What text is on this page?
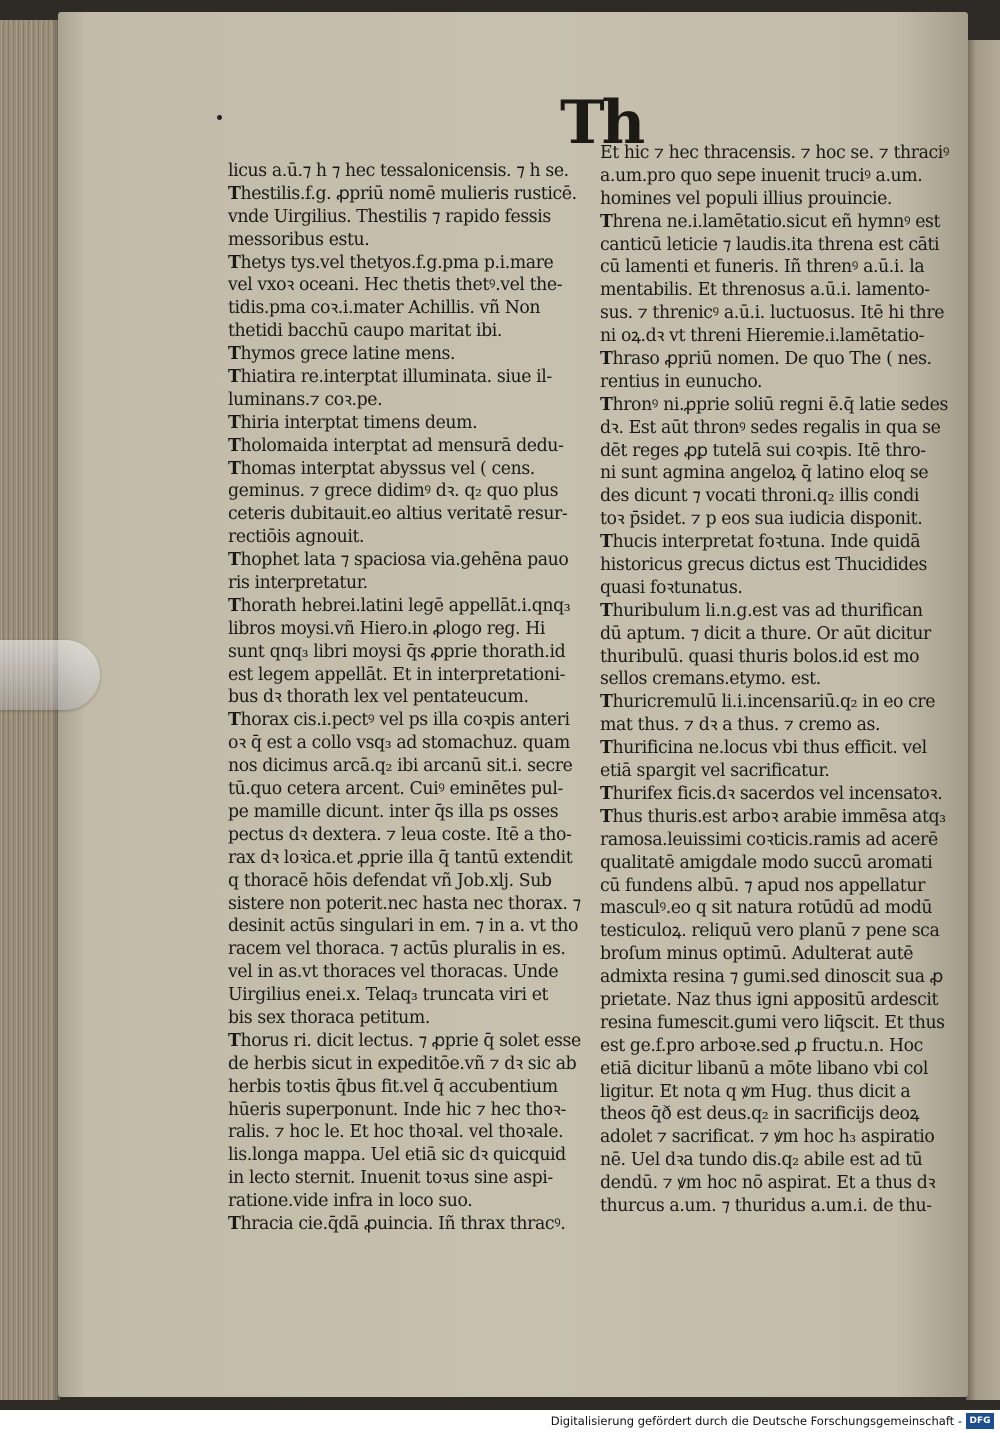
Th
licus a.ū.⁊ h ⁊ hec tessalonicensis. ⁊ h se.
Thestilis.f.g. ꝓpriū nomē mulieris rusticē.
vnde Uirgilius. Thestilis ⁊ rapido fessis
messoribus estu.
Thetys tys.vel thetyos.f.g.pma p.i.mare
vel vxoꝛ oceani. Hec thetis thetꝰ.vel the-
tidis.pma coꝛ.i.mater Achillis. vñ Non
thetidi bacchū caupo maritat ibi.
Thymos grece latine mens.
Thiatira re.interptat illuminata. siue il-
luminans.⁊ coꝛ.pe.
Thiria interptat timens deum.
Tholomaida interptat ad mensurā dedu-
Thomas interptat abyssus vel ( cens.
geminus. ⁊ grece didimꝰ dꝛ. q₂ quo plus
ceteris dubitauit.eo altius veritatē resur-
rectiōis agnouit.
Thophet lata ⁊ spaciosa via.gehēna pauo
ris interpretatur.
Thorath hebrei.latini legē appellāt.i.qnq₃
libros moysi.vñ Hiero.in ꝓlogo reg. Hi
sunt qnq₃ libri moysi q̄s ꝓprie thorath.id
est legem appellāt. Et in interpretationi-
bus dꝛ thorath lex vel pentateucum.
Thorax cis.i.pectꝰ vel ps illa coꝛpis anteri
oꝛ q̄ est a collo vsq₃ ad stomachuz. quam
nos dicimus arcā.q₂ ibi arcanū sit.i. secre
tū.quo cetera arcent. Cuiꝰ eminētes pul-
pe mamille dicunt. inter q̄s illa ps osses
pectus dꝛ dextera. ⁊ leua coste. Itē a tho-
rax dꝛ loꝛica.et ꝓprie illa q̄ tantū extendit
q thoracē hōis defendat vñ Job.xlj. Sub
sistere non poterit.nec hasta nec thorax. ⁊
desinit actūs singulari in em. ⁊ in a. vt tho
racem vel thoraca. ⁊ actūs pluralis in es.
vel in as.vt thoraces vel thoracas. Unde
Uirgilius enei.x. Telaq₃ truncata viri et
bis sex thoraca petitum.
Thorus ri. dicit lectus. ⁊ ꝓprie q̄ solet esse
de herbis sicut in expeditōe.vñ ⁊ dꝛ sic ab
herbis toꝛtis q̄bus fit.vel q̄ accubentium
hūeris superponunt. Inde hic ⁊ hec thoꝛ-
ralis. ⁊ hoc le. Et hoc thoꝛal. vel thoꝛale.
lis.longa mappa. Uel etiā sic dꝛ quicquid
in lecto sternit. Inuenit toꝛus sine aspi-
ratione.vide infra in loco suo.
Thracia cie.q̄dā ꝓuincia. Iñ thrax thracꝰ.
Et hic ⁊ hec thracensis. ⁊ hoc se. ⁊ thraciꝰ
a.um.pro quo sepe inuenit truciꝰ a.um.
homines vel populi illius prouincie.
Threna ne.i.lamētatio.sicut eñ hymnꝰ est
canticū leticie ⁊ laudis.ita threna est cāti
cū lamenti et funeris. Iñ threnꝰ a.ū.i. la
mentabilis. Et threnosus a.ū.i. lamento-
sus. ⁊ threnicꝰ a.ū.i. luctuosus. Itē hi thre
ni oꝝ.dꝛ vt threni Hieremie.i.lamētatio-
Thraso ꝓpriū nomen. De quo The ( nes.
rentius in eunucho.
Thronꝰ ni.ꝓprie soliū regni ē.q̄ latie sedes
dꝛ. Est aūt thronꝰ sedes regalis in qua se
dēt reges ꝓꝑ tutelā sui coꝛpis. Itē thro-
ni sunt agmina angeloꝝ q̄ latino eloq se
des dicunt ⁊ vocati throni.q₂ illis condi
toꝛ p̄sidet. ⁊ p eos sua iudicia disponit.
Thucis interpretat foꝛtuna. Inde quidā
historicus grecus dictus est Thucidides
quasi foꝛtunatus.
Thuribulum li.n.g.est vas ad thurifican
dū aptum. ⁊ dicit a thure. Or aūt dicitur
thuribulū. quasi thuris bolos.id est mo
sellos cremans.etymo. est.
Thuricremulū li.i.incensariū.q₂ in eo cre
mat thus. ⁊ dꝛ a thus. ⁊ cremo as.
Thurificina ne.locus vbi thus efficit. vel
etiā spargit vel sacrificatur.
Thurifex ficis.dꝛ sacerdos vel incensatoꝛ.
Thus thuris.est arboꝛ arabie immēsa atq₃
ramosa.leuissimi coꝛticis.ramis ad acerē
qualitatē amigdale modo succū aromati
cū fundens albū. ⁊ apud nos appellatur
masculꝰ.eo q sit natura rotūdū ad modū
testiculoꝝ. reliquū vero planū ⁊ pene sca
broſum minus optimū. Adulterat autē
admixta resina ⁊ gumi.sed dinoscit sua ꝓ
prietate. Naz thus igni appositū ardescit
resina fumescit.gumi vero liq̄scit. Et thus
est ge.f.pro arboꝛe.sed ꝓ fructu.n. Hoc
etiā dicitur libanū a mōte libano vbi col
ligitur. Et nota q ꝟm Hug. thus dicit a
theos q̄ð est deus.q₂ in sacrificijs deoꝝ
adolet ⁊ sacrificat. ⁊ ꝟm hoc h₃ aspiratio
nē. Uel dꝛa tundo dis.q₂ abile est ad tū
dendū. ⁊ ꝟm hoc nō aspirat. Et a thus dꝛ
thurcus a.um. ⁊ thuridus a.um.i. de thu-
Digitalisierung gefördert durch die Deutsche Forschungsgemeinschaft - DFG
